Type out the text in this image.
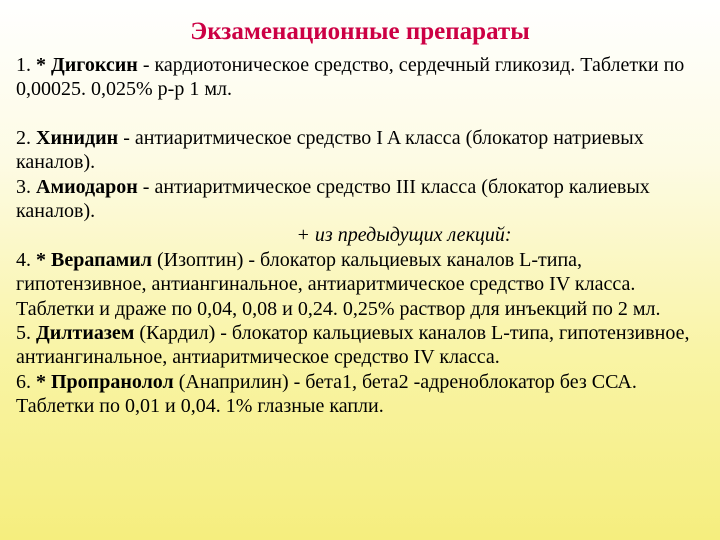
Экзаменационные препараты

1. * Дигоксин - кардиотоническое средство, сердечный гликозид. Таблетки по 0,00025. 0,025% р-р 1 мл.

2. Хинидин - антиаритмическое средство I A класса (блокатор натриевых каналов).

3. Амиодарон - антиаритмическое средство III класса (блокатор калиевых каналов).

+ из предыдущих лекций:

4. * Верапамил (Изоптин) - блокатор кальциевых каналов L-типа, гипотензивное, антиангинальное, антиаритмическое средство IV класса. Таблетки и драже по 0,04, 0,08 и 0,24. 0,25% раствор для инъекций по 2 мл.

5. Дилтиазем (Кардил) - блокатор кальциевых каналов L-типа, гипотензивное, антиангинальное, антиаритмическое средство IV класса.

6. * Пропранолол (Анаприлин) - бета1, бета2 -адреноблокатор без ССА. Таблетки по 0,01 и 0,04. 1% глазные капли.
